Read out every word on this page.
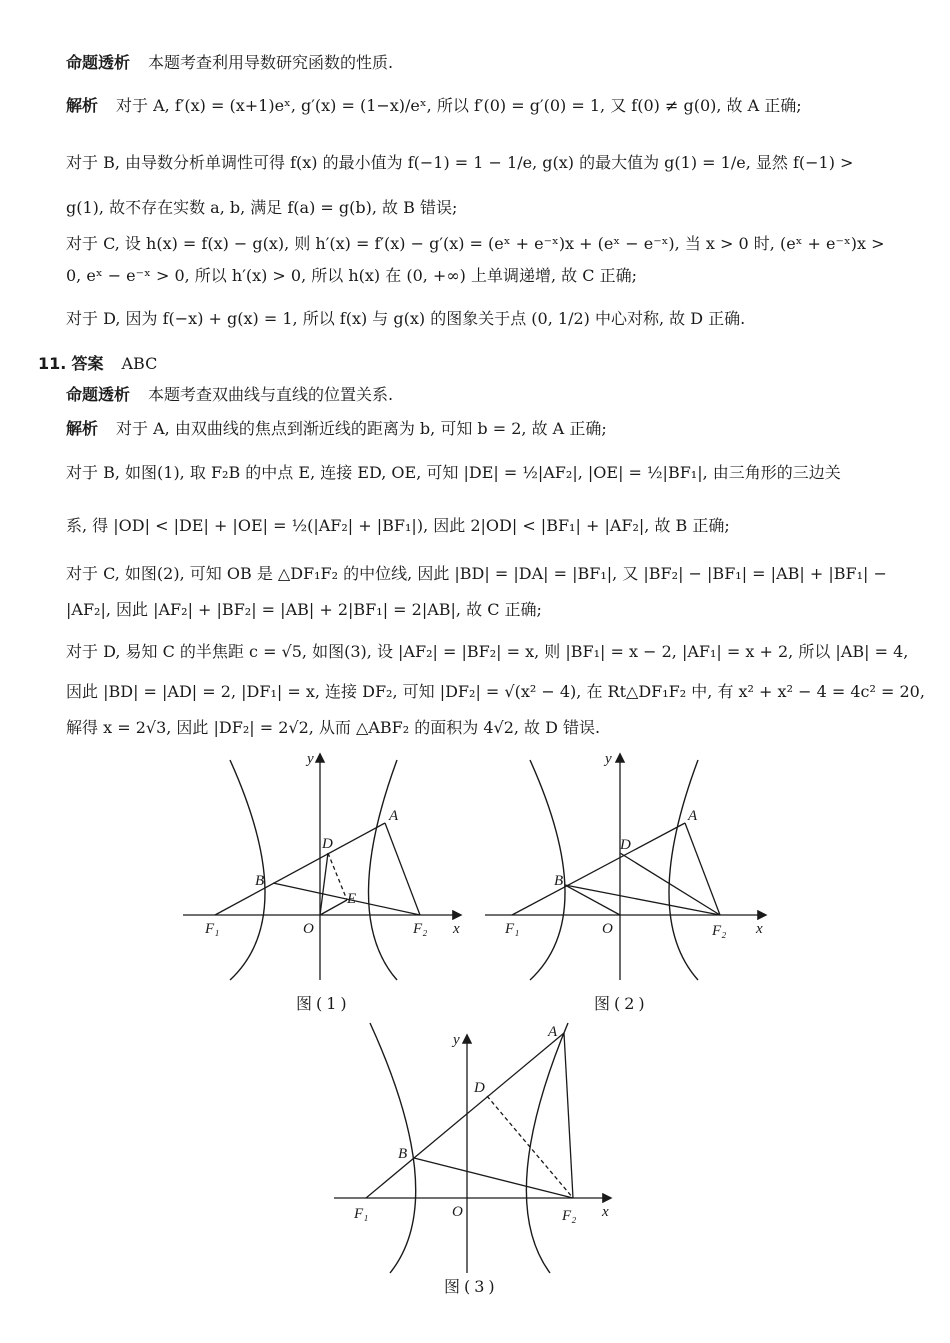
命题透析 本题考查利用导数研究函数的性质.
解析 对于 A, f′(x) = (x+1)eˣ, g′(x) = (1−x)/eˣ, 所以 f′(0) = g′(0) = 1, 又 f(0) ≠ g(0), 故 A 正确;
对于 B, 由导数分析单调性可得 f(x) 的最小值为 f(−1) = 1 − 1/e, g(x) 的最大值为 g(1) = 1/e, 显然 f(−1) >
g(1), 故不存在实数 a, b, 满足 f(a) = g(b), 故 B 错误;
对于 C, 设 h(x) = f(x) − g(x), 则 h′(x) = f′(x) − g′(x) = (eˣ + e⁻ˣ)x + (eˣ − e⁻ˣ), 当 x > 0 时, (eˣ + e⁻ˣ)x >
0, eˣ − e⁻ˣ > 0, 所以 h′(x) > 0, 所以 h(x) 在 (0, +∞) 上单调递增, 故 C 正确;
对于 D, 因为 f(−x) + g(x) = 1, 所以 f(x) 与 g(x) 的图象关于点 (0, 1/2) 中心对称, 故 D 正确.
11. 答案 ABC
命题透析 本题考查双曲线与直线的位置关系.
解析 对于 A, 由双曲线的焦点到渐近线的距离为 b, 可知 b = 2, 故 A 正确;
对于 B, 如图(1), 取 F₂B 的中点 E, 连接 ED, OE, 可知 |DE| = ½|AF₂|, |OE| = ½|BF₁|, 由三角形的三边关
系, 得 |OD| < |DE| + |OE| = ½(|AF₂| + |BF₁|), 因此 2|OD| < |BF₁| + |AF₂|, 故 B 正确;
对于 C, 如图(2), 可知 OB 是 △DF₁F₂ 的中位线, 因此 |BD| = |DA| = |BF₁|, 又 |BF₂| − |BF₁| = |AB| + |BF₁| −
|AF₂|, 因此 |AF₂| + |BF₂| = |AB| + 2|BF₁| = 2|AB|, 故 C 正确;
对于 D, 易知 C 的半焦距 c = √5, 如图(3), 设 |AF₂| = |BF₂| = x, 则 |BF₁| = x − 2, |AF₁| = x + 2, 所以 |AB| = 4,
因此 |BD| = |AD| = 2, |DF₁| = x, 连接 DF₂, 可知 |DF₂| = √(x² − 4), 在 Rt△DF₁F₂ 中, 有 x² + x² − 4 = 4c² = 20,
解得 x = 2√3, 因此 |DF₂| = 2√2, 从而 △ABF₂ 的面积为 4√2, 故 D 错误.
y
x
O
A
B
D
E
F₁	F₂
图(1)
y
x
O
A
B
D
F₁	F₂
图(2)
y
x
O
A
B
D
F₁	F₂
图(3)
